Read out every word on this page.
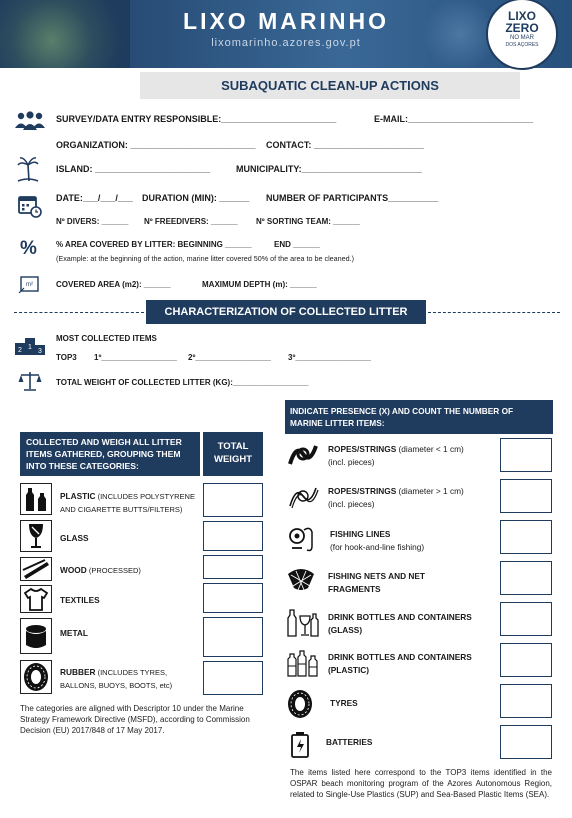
LIXO MARINHO
lixomarinho.azores.gov.pt
LIXO
ZERO
NO MAR
DOS AÇORES
SUBAQUATIC CLEAN-UP ACTIONS
%
m²
SURVEY/DATA ENTRY RESPONSIBLE:_______________________	E-MAIL:_________________________
ORGANIZATION: _________________________ CONTACT: ______________________
ISLAND: _______________________	MUNICIPALITY:________________________
DATE:___/___/___ DURATION (MIN): ______ NUMBER OF PARTICIPANTS__________
Nº DIVERS: ______ Nº FREEDIVERS: ______ Nº SORTING TEAM: ______
% AREA COVERED BY LITTER: BEGINNING ______	END ______
(Example: at the beginning of the action, marine litter covered 50% of the area to be cleaned.)
COVERED AREA (m2): ______	MAXIMUM DEPTH (m): ______
CHARACTERIZATION OF COLLECTED LITTER
1
2 3
MOST COLLECTED ITEMS
TOP3 1º_________________ 2º_________________ 3º_________________
TOTAL WEIGHT OF COLLECTED LITTER (KG):_________________
COLLECTED AND WEIGH ALL LITTER ITEMS GATHERED, GROUPING THEM INTO THESE CATEGORIES:
TOTAL WEIGHT
PLASTIC (INCLUDES POLYSTYRENE AND CIGARETTE BUTTS/FILTERS)
GLASS
WOOD (PROCESSED)
TEXTILES
METAL
RUBBER (INCLUDES TYRES, BALLONS, BUOYS, BOOTS, etc)
The categories are aligned with Descriptor 10 under the Marine Strategy Framework Directive (MSFD), according to Commission Decision (EU) 2017/848 of 17 May 2017.
INDICATE PRESENCE (X) AND COUNT THE NUMBER OF MARINE LITTER ITEMS:
ROPES/STRINGS (diameter < 1 cm)
(incl. pieces)
ROPES/STRINGS (diameter > 1 cm)
(incl. pieces)
FISHING LINES
(for hook-and-line fishing)
FISHING NETS AND NET
FRAGMENTS
DRINK BOTTLES AND CONTAINERS
(GLASS)
DRINK BOTTLES AND CONTAINERS
(PLASTIC)
TYRES
BATTERIES
The items listed here correspond to the TOP3 items identified in the OSPAR beach monitoring program of the Azores Autonomous Region, related to Single-Use Plastics (SUP) and Sea-Based Plastic Items (SEA).
